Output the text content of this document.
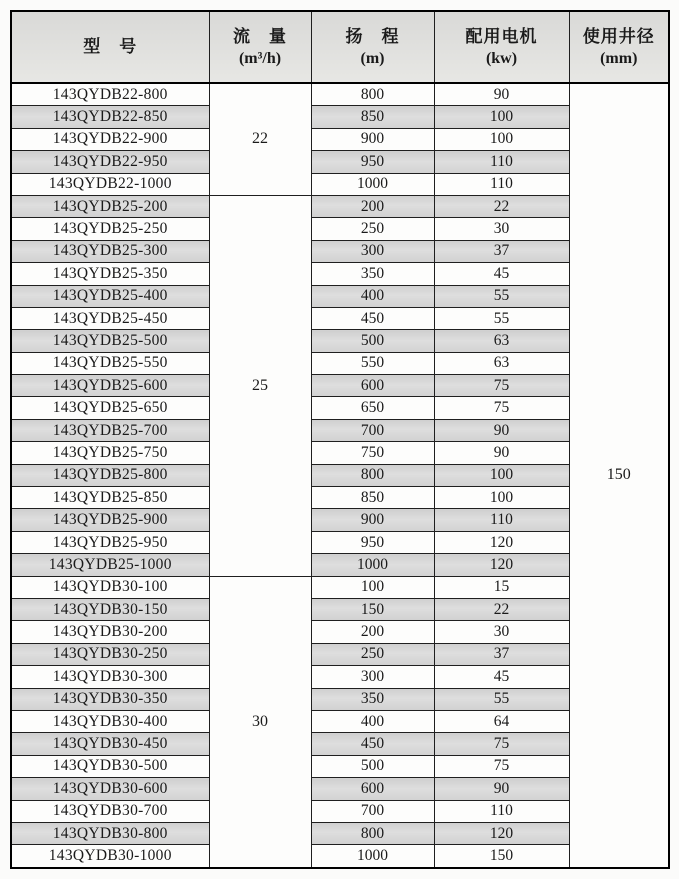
型　号

流　量
(m³/h)

扬　程
(m)

配用电机
(kw)

使用井径
(mm)

143QYDB22-800	22	800	90	150
143QYDB22-850		850	100	
143QYDB22-900		900	100	
143QYDB22-950		950	110	
143QYDB22-1000		1000	110	
143QYDB25-200	25	200	22	
143QYDB25-250		250	30	
143QYDB25-300		300	37	
143QYDB25-350		350	45	
143QYDB25-400		400	55	
143QYDB25-450		450	55	
143QYDB25-500		500	63	
143QYDB25-550		550	63	
143QYDB25-600		600	75	
143QYDB25-650		650	75	
143QYDB25-700		700	90	
143QYDB25-750		750	90	
143QYDB25-800		800	100	
143QYDB25-850		850	100	
143QYDB25-900		900	110	
143QYDB25-950		950	120	
143QYDB25-1000		1000	120	
143QYDB30-100	30	100	15	
143QYDB30-150		150	22	
143QYDB30-200		200	30	
143QYDB30-250		250	37	
143QYDB30-300		300	45	
143QYDB30-350		350	55	
143QYDB30-400		400	64	
143QYDB30-450		450	75	
143QYDB30-500		500	75	
143QYDB30-600		600	90	
143QYDB30-700		700	110	
143QYDB30-800		800	120	
143QYDB30-1000		1000	150	
